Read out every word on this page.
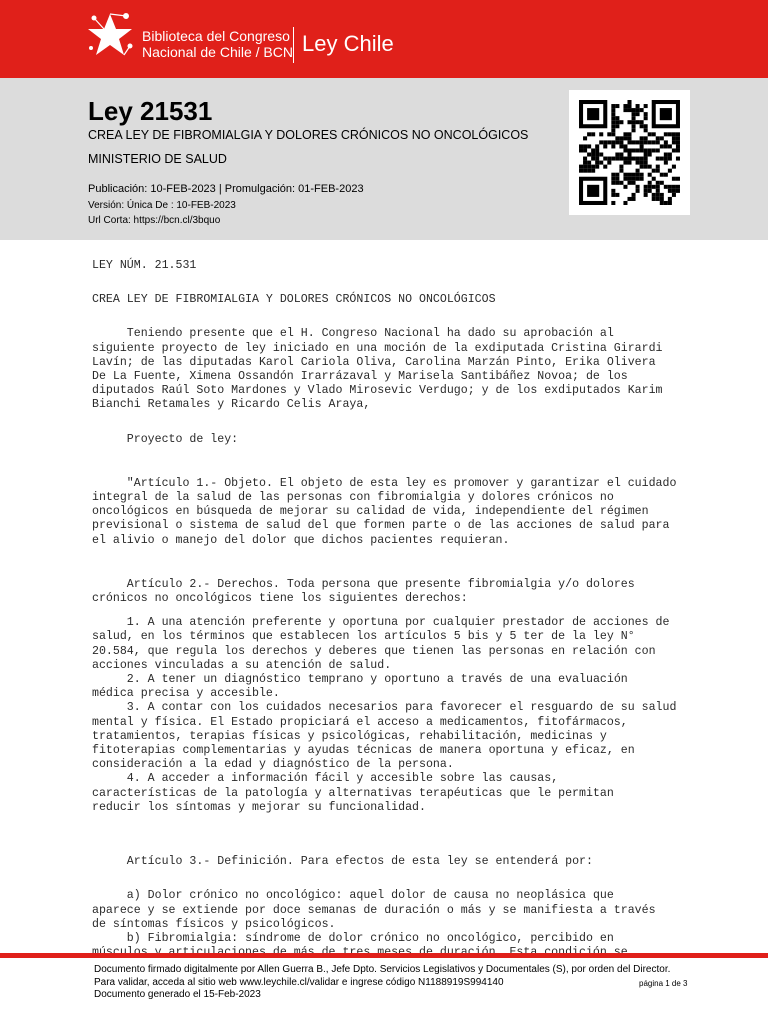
Biblioteca del Congreso
Nacional de Chile / BCN Ley Chile
Ley 21531
CREA LEY DE FIBROMIALGIA Y DOLORES CRÓNICOS NO ONCOLÓGICOS
MINISTERIO DE SALUD
Publicación: 10-FEB-2023 | Promulgación: 01-FEB-2023
Versión: Única De : 10-FEB-2023
Url Corta: https://bcn.cl/3bquo

LEY NÚM. 21.531

CREA LEY DE FIBROMIALGIA Y DOLORES CRÓNICOS NO ONCOLÓGICOS

Teniendo presente que el H. Congreso Nacional ha dado su aprobación al
siguiente proyecto de ley iniciado en una moción de la exdiputada Cristina Girardi
Lavín; de las diputadas Karol Cariola Oliva, Carolina Marzán Pinto, Erika Olivera
De La Fuente, Ximena Ossandón Irarrázaval y Marisela Santibáñez Novoa; de los
diputados Raúl Soto Mardones y Vlado Mirosevic Verdugo; y de los exdiputados Karim
Bianchi Retamales y Ricardo Celis Araya,

Proyecto de ley:

"Artículo 1.- Objeto. El objeto de esta ley es promover y garantizar el cuidado
integral de la salud de las personas con fibromialgia y dolores crónicos no
oncológicos en búsqueda de mejorar su calidad de vida, independiente del régimen
previsional o sistema de salud del que formen parte o de las acciones de salud para
el alivio o manejo del dolor que dichos pacientes requieran.

Artículo 2.- Derechos. Toda persona que presente fibromialgia y/o dolores
crónicos no oncológicos tiene los siguientes derechos:

1. A una atención preferente y oportuna por cualquier prestador de acciones de
salud, en los términos que establecen los artículos 5 bis y 5 ter de la ley N°
20.584, que regula los derechos y deberes que tienen las personas en relación con
acciones vinculadas a su atención de salud.
2. A tener un diagnóstico temprano y oportuno a través de una evaluación
médica precisa y accesible.
3. A contar con los cuidados necesarios para favorecer el resguardo de su salud
mental y física. El Estado propiciará el acceso a medicamentos, fitofármacos,
tratamientos, terapias físicas y psicológicas, rehabilitación, medicinas y
fitoterapias complementarias y ayudas técnicas de manera oportuna y eficaz, en
consideración a la edad y diagnóstico de la persona.
4. A acceder a información fácil y accesible sobre las causas,
características de la patología y alternativas terapéuticas que le permitan
reducir los síntomas y mejorar su funcionalidad.

Artículo 3.- Definición. Para efectos de esta ley se entenderá por:

a) Dolor crónico no oncológico: aquel dolor de causa no neoplásica que
aparece y se extiende por doce semanas de duración o más y se manifiesta a través
de síntomas físicos y psicológicos.
b) Fibromialgia: síndrome de dolor crónico no oncológico, percibido en

Documento firmado digitalmente por Allen Guerra B., Jefe Dpto. Servicios Legislativos y Documentales (S), por orden del Director.
Para validar, acceda al sitio web www.leychile.cl/validar e ingrese código N1188919S994140
Documento generado el 15-Feb-2023
página 1 de 3
